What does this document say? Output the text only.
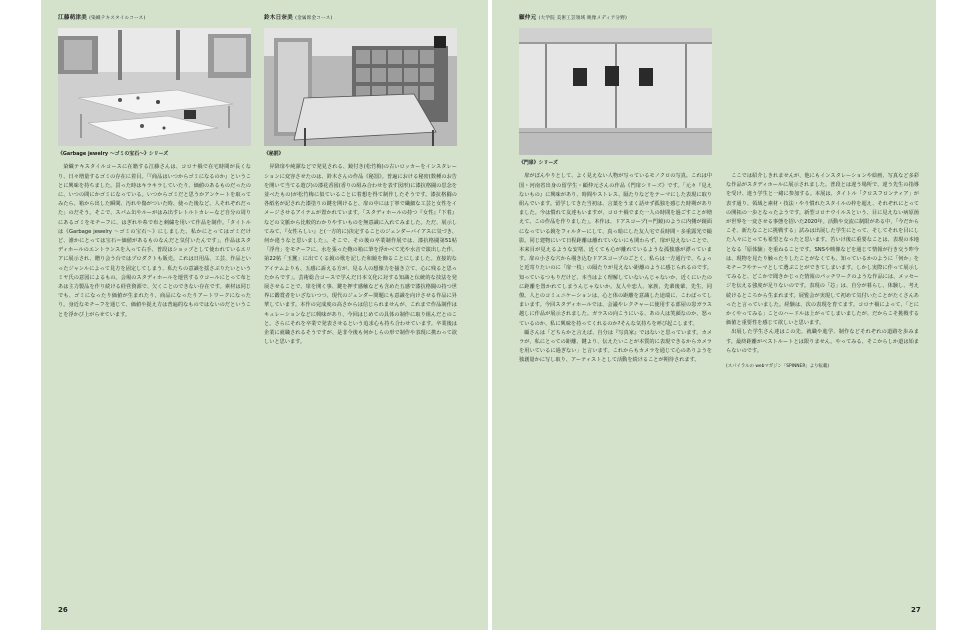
江藤萌津美 (染織テキスタイルコース)
《Garbage jewelry ～ゴミの宝石～》シリーズ

染織テキスタイルコースに在籍する江藤さんは、コロナ禍で在宅時間が長くなり、日々増量するゴミの存在に着目。「『商品はいつからゴミになるのか』ということに興味を持ちました。買った時はキラキラしていたり、価値のあるものだったのに、いつの間にかゴミになっている。いつからゴミだと思うかアンケートを取ってみたら、箱から出した瞬間、汚れや傷がついた時、使った後など、人それぞれだった」のだそう。そこで、スパム缶やルーがはみ出すレトルトカレーなど自分の周りにあるゴミをモチーフに、はぎれや糸で布と刺繍を用いて作品を制作。「タイトルは《Garbage jewelry ～ゴミの宝石～》にしました。私かにとってはゴミだけど、誰かにとっては宝石＝価値があるものなんだと気付いたんです」。作品はスタディホールのエントランスを入って右手、普段はショップとして使われているエリアに展示され、贈り会う台ではプロダクトも販売。これは日用品、工芸、作品といったジャンルによって見方を固定してしまう、私たちの意識を揺さぶりたいというミヤ氏の意図によるもの。会場のスタディホールを運営するウコールにとって布とあは主力製品を作り続ける経営資源で、欠くことのできない存在です。素材は同じでも、ゴミになったり価値が生まれたり、商品になったりアートワークになったり。身近なモチーフを通じて、価値や捉え方は普遍的なものではないのだということを浮かび上がらせています。

鈴木日奈美 (金属彫金コース)
《秘罰》

昇降扉や純潔などで発見される、鏡付き(松竹梅)の古いロッカーをインスタレーションに変容させたのは、鈴木さんの作品《秘罰》。普遍における秘密(数種のお告を開いて当てる遊び)の漆花香図(香りの組み合わせを表す図形)に漆抗格闘の思念を並べたもの)が松竹梅に似ていることに着想を得て制作したそうです。漆抗格闘の各紙名が記された漆塗りの鍵を開けると、扉の中には丁寧で繊細な工芸と女性をイメージさせるアイテムが置かれています。「スタディホールの持つ『女性』『下着』などの文脈から比較的わかりやすいものを無意識に入れてみました。ただ、展示してみて、『女性らしい』と(一方的に)決定することのジェンダーバイアスに気づき、何か違うなと思いました」。そこで、その後の卒業制作展では、漆抗格闘第51帖「浮舟」をモチーフに、水を張った鞄の箱に筆を浮かべて光や水音で演出した作、第22帖「玉鬘」に出てくる鏡の歌を記した和鏡を飾ることにしました。直接的なアイテムよりも、五感に訴える方が、見る人の想像力を掻き立て、心に残ると思ったからです」。芸術総合コースで学んだ日本文化に対する知識と伝統的な技法を発展させることで、扉を開く事、鍵を押す感触なども含めた五感で漆抗格闘の持つ世界に鑑賞者をいざないつつ、現代のジェンダー問題にも意識を向けさせる作品に昇華しています。本作の完成度の高さからは信じられませんが、これまで作品制作はキュレーションなどに興味があり、今回はじめての具体の制作に取り組んだとのこと。さらにそれを卒業で発表させるという追求心も持ち合わせています。卒業後は企業に就職されるそうですが、是非今後も何かしらの形で制作や表現に携わって欲しいと思います。

顧仲元 (大学院 美術工芸領域 映像メディア分野)
《門扉》シリーズ

扉がぼんやりとして、よく見えない人物が写っているモノクロの写真。これは中国・河南省出身の留学生・顧仲元さんの作品《門扉シリーズ》です。「元々『見えないもの』に興味があり、時間やストレス、隔たりなどをテーマにした表現に取り組んでいます。留学してきた当初は、言葉をうまく話せず孤独を感じた時期がありました。今は慣れて友達もいますが、コロナ禍でまた一人の時間を過ごすことが増えて、この作品を作りました」。本作は、ドアスコープ(＝門鏡)のように内側が鏡面になっている鏡をフィルターにして、真っ暗にした友人宅で長時間・多重露光で撮影。同じ建物にいて日程距離は離れていないにも関わらず、扉が見えないことで、本来目が見えるような安堵、近くても心が離れているような孤独感が漂っています。扉の小さな穴から覗き込むドアスコープのごとく、私らは一方通行で、ちょっと近寄りたいのに「扉一枚」の隔たりが見えない距離のように感じられるのです。知っているつもりだけど、本当はよく理解していないんじゃないか、近くにいたのに距離を置かれてしまうんじゃないか。友人や恋人、家族、先輩後輩、先生、同僚。人とのコミュニケーションは、心と体の距離を意識した途端に、こわばってしまいます。今回スタディホールでは、会議やレクチャーに使用する部屋の窓ガラス越しに作品が展示されました。ガラスの向こうにいる、あの人は笑顔なのか、怒っているのか、私に興味を持ってくれるのか?そんな気持ちを呼び起こします。

顧さんは「どちらかと言えば、自分は『写真家』ではないと思っています。カメラが、私にとっての距離、鍵より、伝えたいことが本質的に表現できるからカメラを用いているに過ぎない」と言います。これからもカメラを通じて心のありようを独創量かに写し取り、アーティストとして活動を続けることが期待されます。

ここでは紹介しきれませんが、他にもインスタレーションや絵画、写真など多彩な作品がスタディホールに展示されました。普段とは違う場所で、違う先生の指導を受け、違う学生と一緒に参加する。本展は、タイトル「クロスフロンティア」が表す通り、領域と素材・技法・やり慣れたスタイルの枠を超え、それぞれにとっての開拓の一歩となったようです。新型コロナウイルスという、目に見えない病原菌が世界を一変させる事態を招いた2020年。活動や交流に制限がある中、「今だからこそ、新たなことに挑戦する」試みは出展した学生にとって、そしてそれを目にした人々にとっても希望となったと思います。苦いけ後に重要なことは、表現の本地となる「原体験」を重ねることです。SNSや映像などを通じて情報が行き交う昨今は、現物を見たり触ったりしたことがなくても、知っているかのように「何か」をモチーフやテーマとして選ぶことができてしまいます。しかし実際に作って展示してみると、どこかで聞きかじった情報のパッチワークのような作品には、メッセージを伝える強度が足りないのです。表現の「芯」は、自分が暮らし、体験し、考え続けるところから生まれます。展覧会が実現して初めて気付いたことがたくさんあったと言っていました。経験は、次の表現を育てます。コロナ禍によって、「とにかくやってみる」ことのハードルは上がってしまいましたが、だからこそ挑戦する価値と重要性を感じて欲しいと思います。

出展した学生さん達はこの先、就職や進学、制作などそれぞれの道路を歩みます。最終距離がベストルートとは限りません。やってみる、そこからしか道は始まらないのです。

(スパイラルの webマガジン「SPINNER」より転載)
26	27
